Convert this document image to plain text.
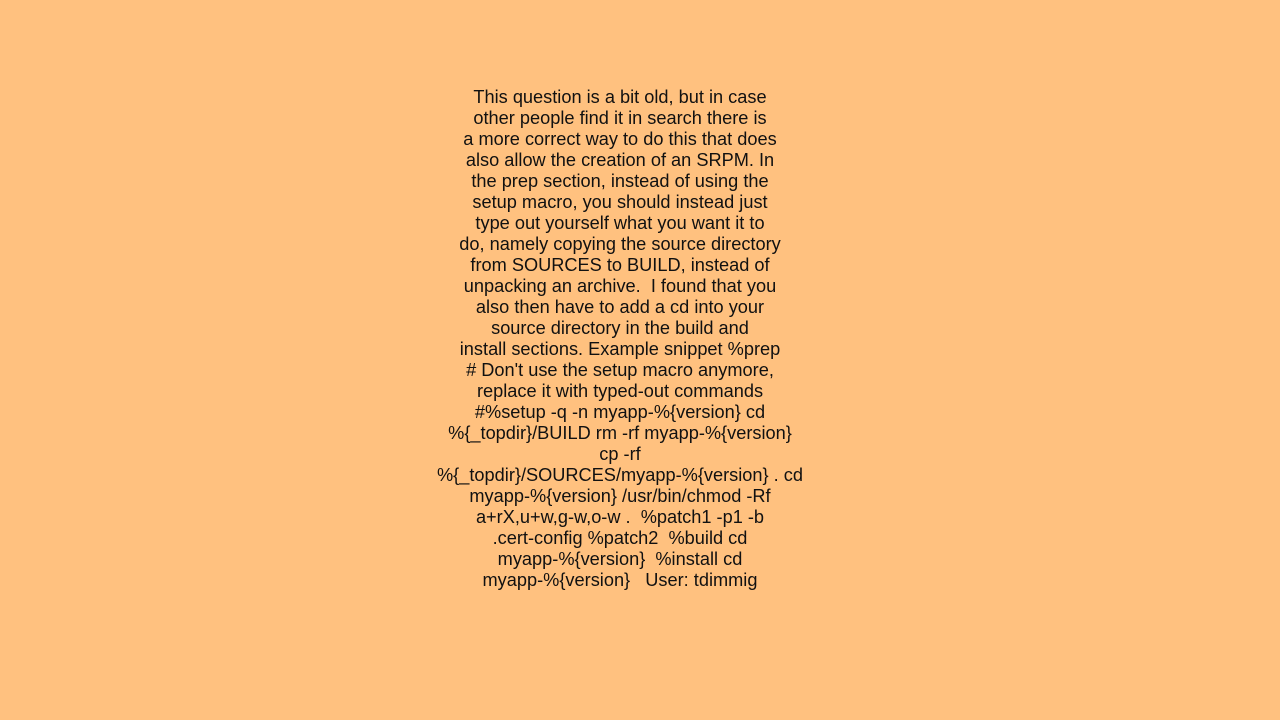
This question is a bit old, but in case
other people find it in search there is
a more correct way to do this that does
also allow the creation of an SRPM. In
the prep section, instead of using the
setup macro, you should instead just
type out yourself what you want it to
do, namely copying the source directory
from SOURCES to BUILD, instead of
unpacking an archive.  I found that you
also then have to add a cd into your
source directory in the build and
install sections. Example snippet %prep
# Don't use the setup macro anymore,
replace it with typed-out commands
#%setup -q -n myapp-%{version} cd
%{_topdir}/BUILD rm -rf myapp-%{version}
cp -rf
%{_topdir}/SOURCES/myapp-%{version} . cd
myapp-%{version} /usr/bin/chmod -Rf
a+rX,u+w,g-w,o-w .  %patch1 -p1 -b
.cert-config %patch2  %build cd
myapp-%{version}  %install cd
myapp-%{version}   User: tdimmig
